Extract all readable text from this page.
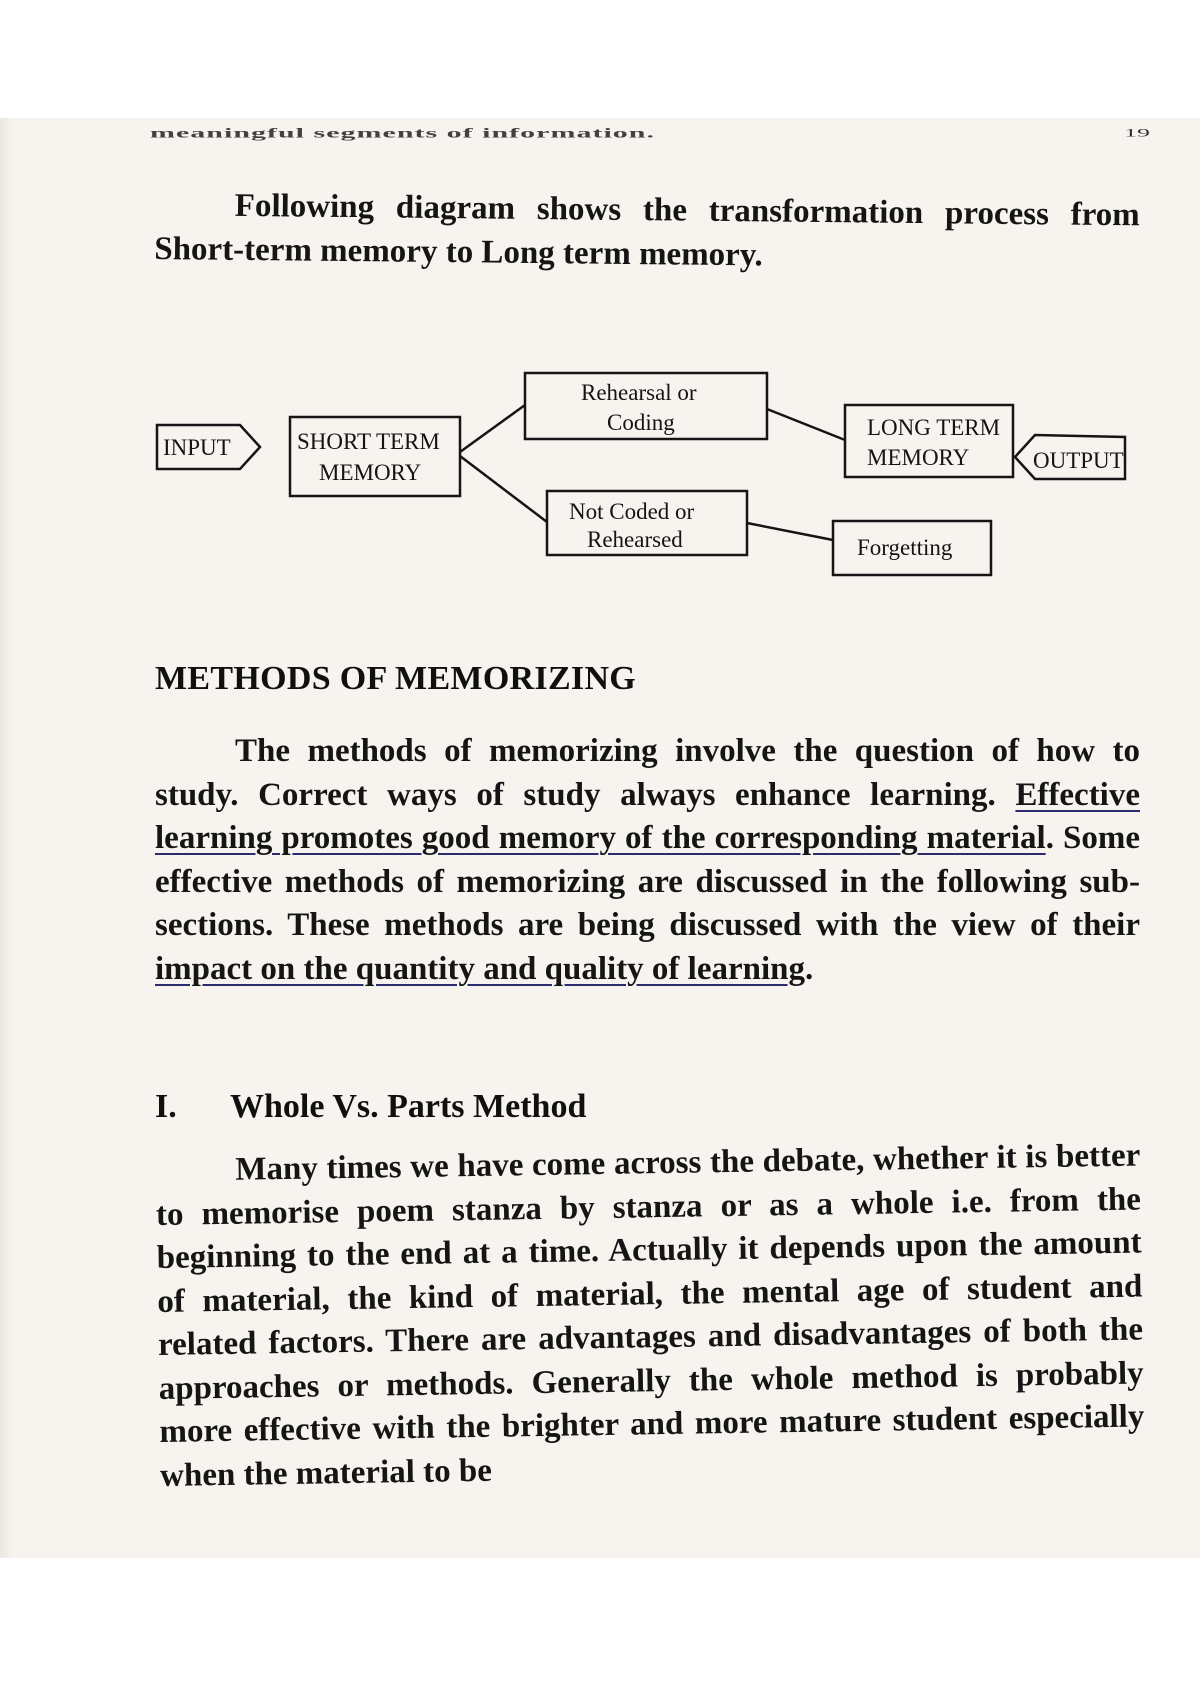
meaningful segments of information.	19

Following diagram shows the transformation process from Short-term memory to Long term memory.

INPUT	SHORT TERM
MEMORY
Rehearsal or
Coding
Not Coded or
Rehearsed
LONG TERM
MEMORY
Forgetting
OUTPUT
METHODS OF MEMORIZING

The methods of memorizing involve the question of how to study. Correct ways of study always enhance learning. Effective learning promotes good memory of the corresponding material. Some effective methods of memorizing are discussed in the following sub-sections. These methods are being discussed with the view of their impact on the quantity and quality of learning.

I. Whole Vs. Parts Method

Many times we have come across the debate, whether it is better to memorise poem stanza by stanza or as a whole i.e. from the beginning to the end at a time. Actually it depends upon the amount of material, the kind of material, the mental age of student and related factors. There are advantages and disadvantages of both the approaches or methods. Generally the whole method is probably more effective with the brighter and more mature student especially when the material to be
